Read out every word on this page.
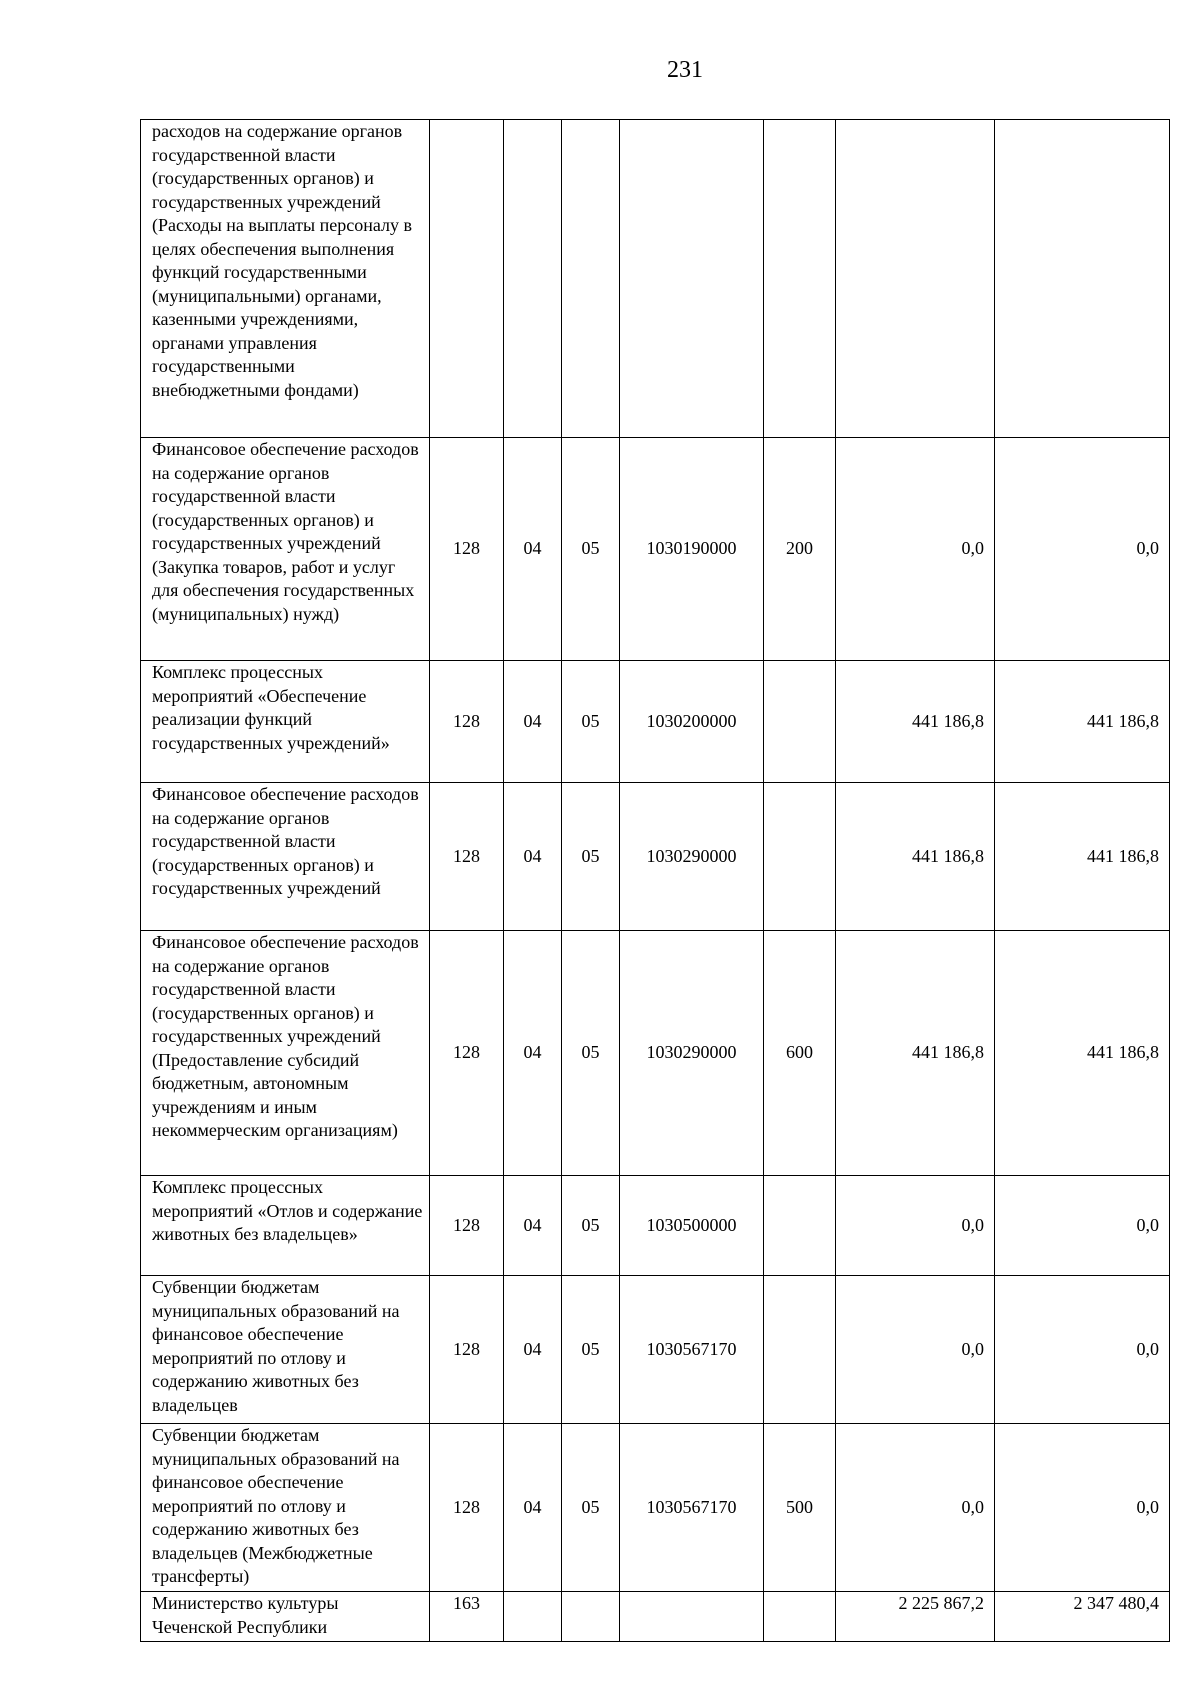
231
расходов на содержание органов государственной власти (государственных органов) и государственных учреждений (Расходы на выплаты персоналу в целях обеспечения выполнения функций государственными (муниципальными) органами, казенными учреждениями, органами управления государственными внебюджетными фондами)							
Финансовое обеспечение расходов на содержание органов государственной власти (государственных органов) и государственных учреждений (Закупка товаров, работ и услуг для обеспечения государственных (муниципальных) нужд)	128	04	05	1030190000	200	0,0	0,0
Комплекс процессных мероприятий «Обеспечение реализации функций государственных учреждений»	128	04	05	1030200000		441 186,8	441 186,8
Финансовое обеспечение расходов на содержание органов государственной власти (государственных органов) и государственных учреждений	128	04	05	1030290000		441 186,8	441 186,8
Финансовое обеспечение расходов на содержание органов государственной власти (государственных органов) и государственных учреждений (Предоставление субсидий бюджетным, автономным учреждениям и иным некоммерческим организациям)	128	04	05	1030290000	600	441 186,8	441 186,8
Комплекс процессных мероприятий «Отлов и содержание животных без владельцев»	128	04	05	1030500000		0,0	0,0
Субвенции бюджетам муниципальных образований на финансовое обеспечение мероприятий по отлову и содержанию животных без владельцев	128	04	05	1030567170		0,0	0,0
Субвенции бюджетам муниципальных образований на финансовое обеспечение мероприятий по отлову и содержанию животных без владельцев (Межбюджетные трансферты)	128	04	05	1030567170	500	0,0	0,0
Министерство культуры Чеченской Республики	163					2 225 867,2	2 347 480,4
